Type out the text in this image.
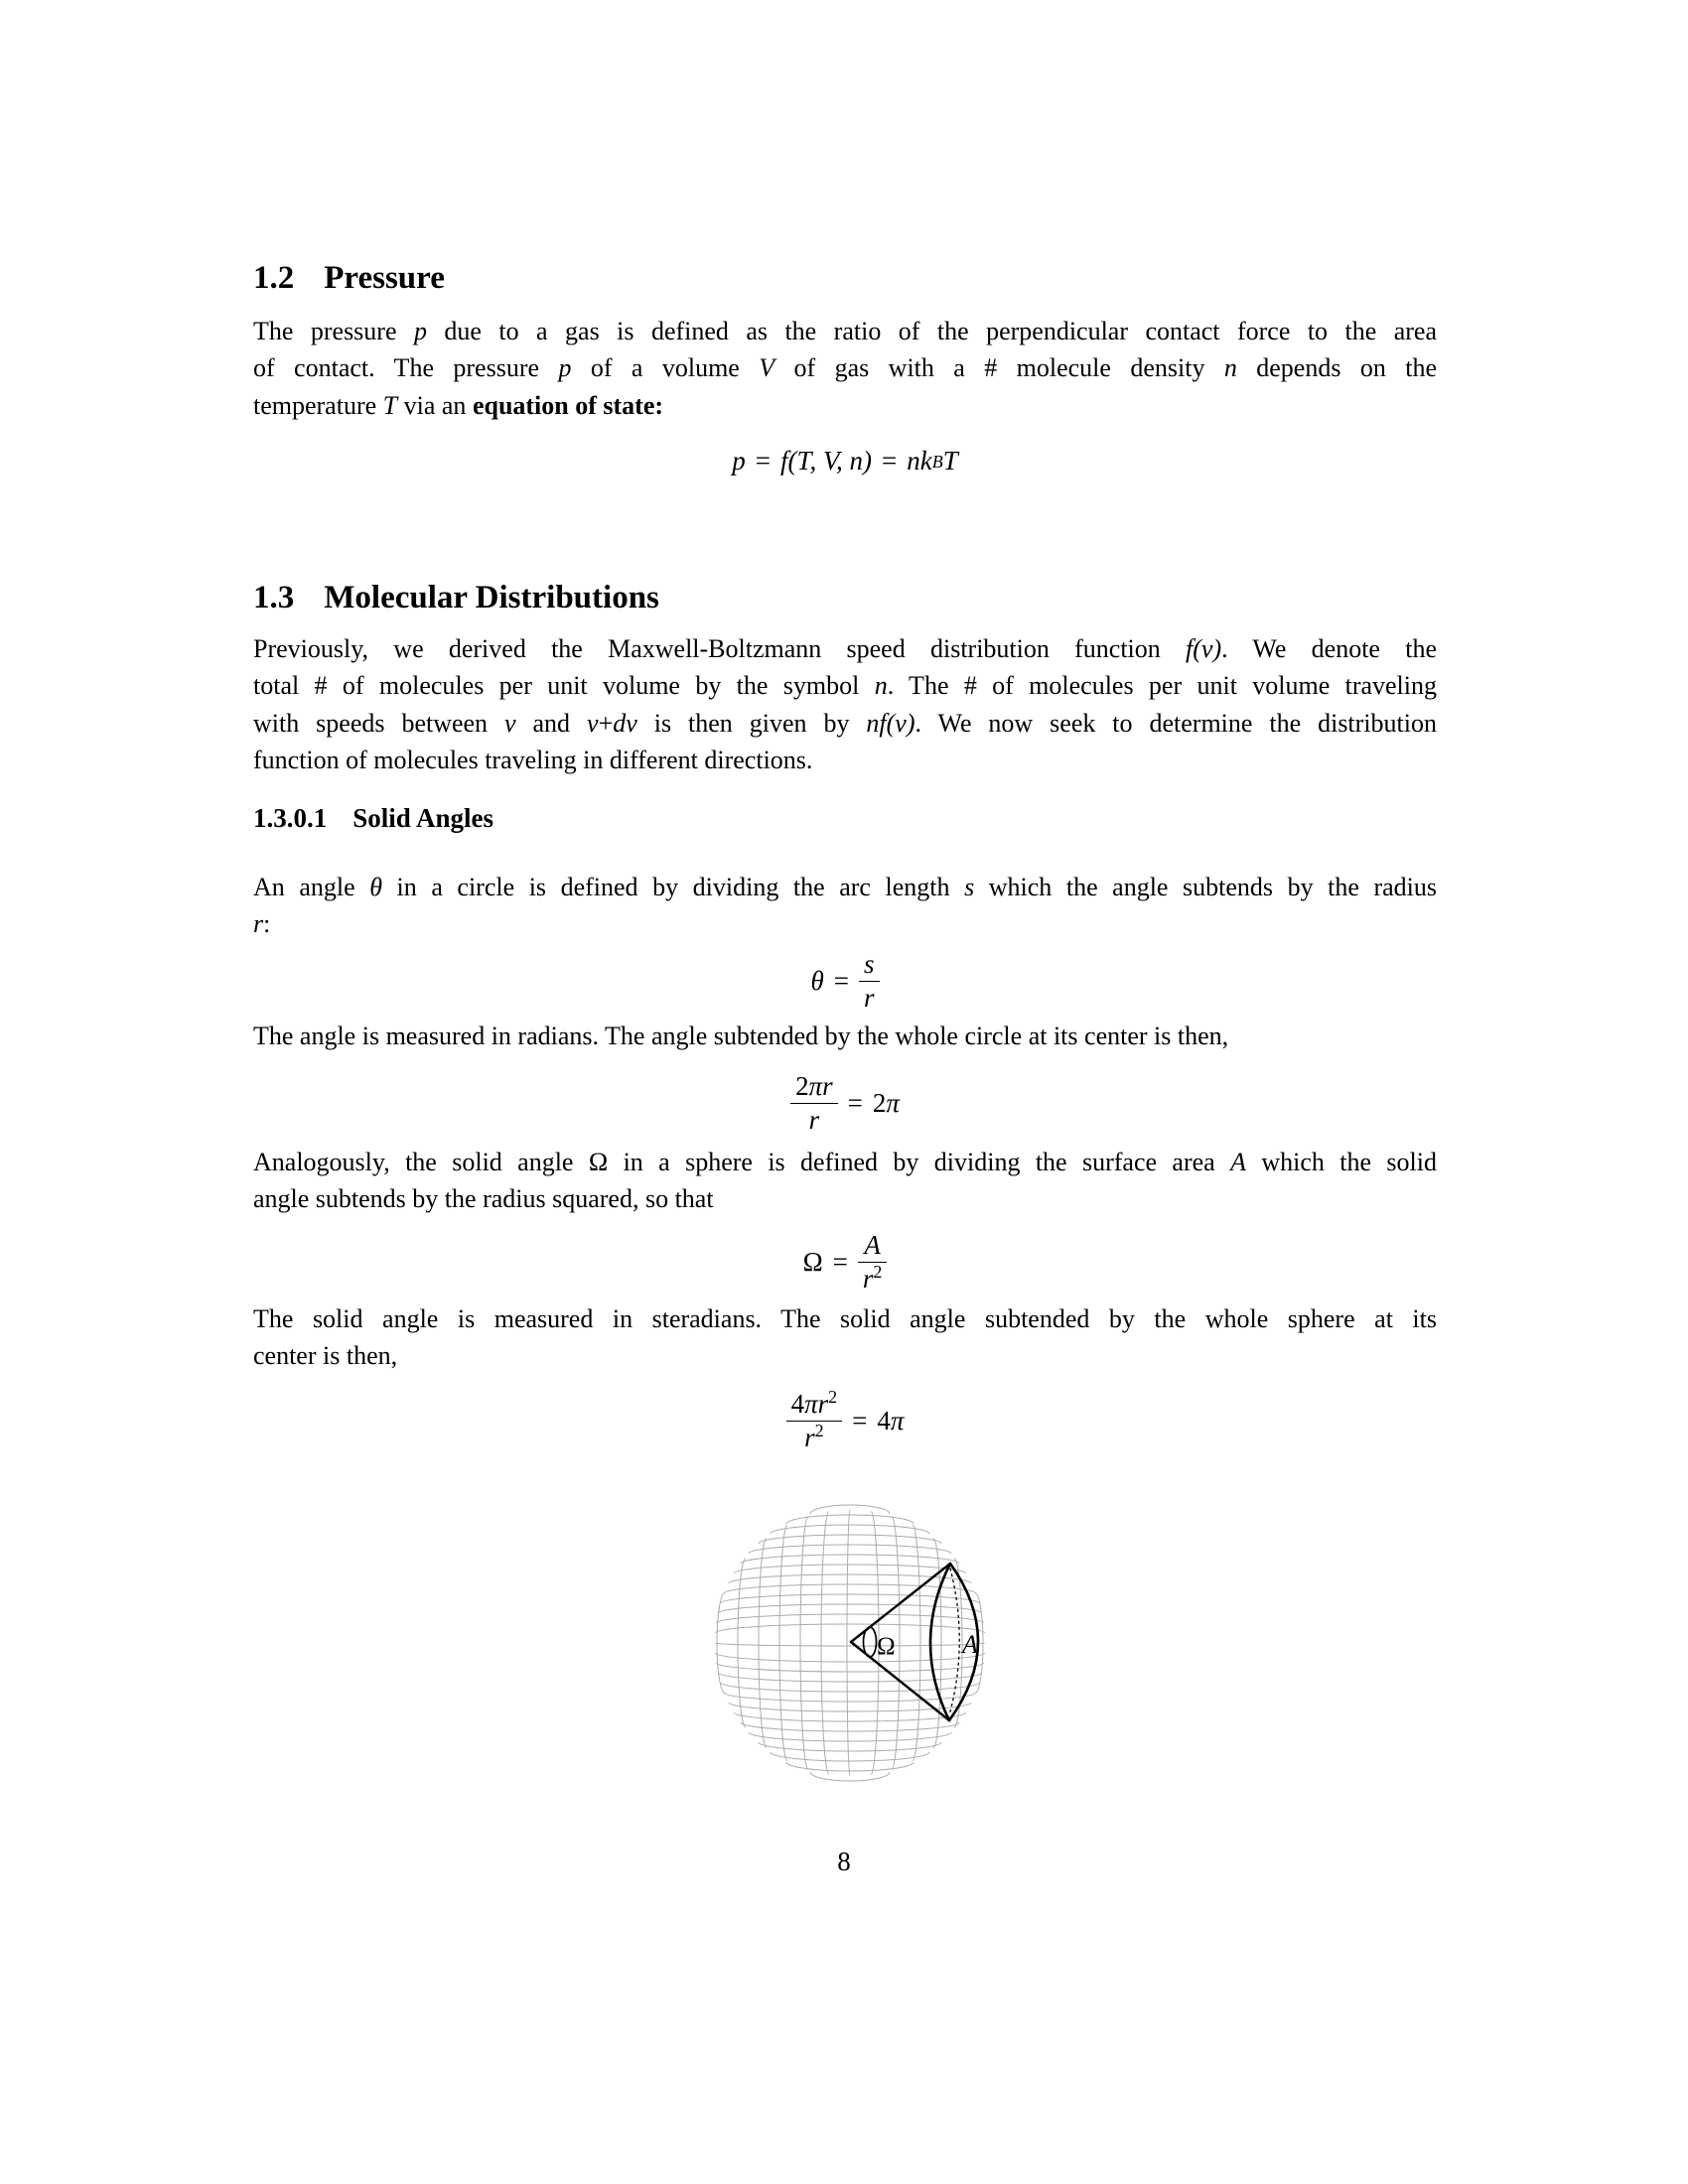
1.2 Pressure
The pressure p due to a gas is defined as the ratio of the perpendicular contact force to the area
of contact. The pressure p of a volume V of gas with a # molecule density n depends on the
temperature T via an equation of state:
p = f(T, V, n) = nk B T
1.3 Molecular Distributions
Previously, we derived the Maxwell-Boltzmann speed distribution function f(v). We denote the
total # of molecules per unit volume by the symbol n. The # of molecules per unit volume traveling
with speeds between v and v+dv is then given by nf(v). We now seek to determine the distribution
function of molecules traveling in different directions.
1.3.0.1 Solid Angles
An angle θ in a circle is defined by dividing the arc length s which the angle subtends by the radius
r:
$\theta = \frac{s}{r}$
The angle is measured in radians. The angle subtended by the whole circle at its center is then,
$\frac{2\pi r}{r} = 2$ π
Analogously, the solid angle Ω in a sphere is defined by dividing the surface area A which the solid
angle subtends by the radius squared, so that
$\Omega = \frac{A}{r^2}$
The solid angle is measured in steradians. The solid angle subtended by the whole sphere at its
center is then,
$\frac{4\pi r^2}{r^2} = 4$ π
Ω	A
8
